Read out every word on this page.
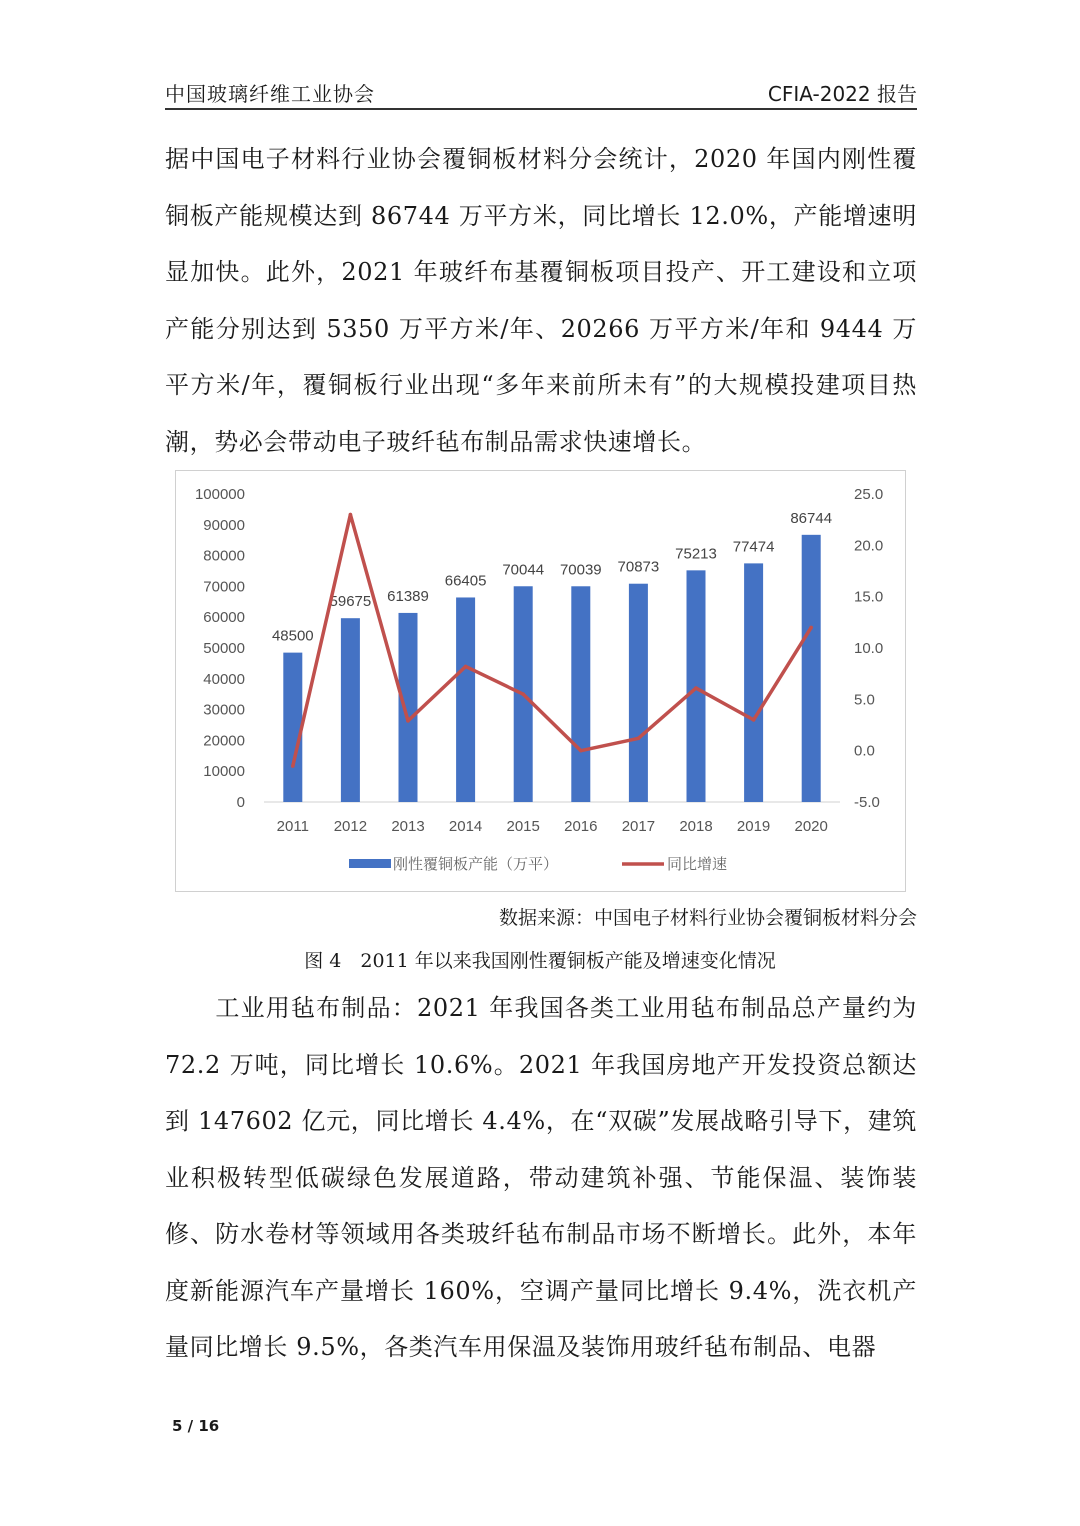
中国玻璃纤维工业协会	CFIA-2022 报告
据中国电子材料行业协会覆铜板材料分会统计，2020 年国内刚性覆铜板产能规模达到 86744 万平方米，同比增长 12.0%，产能增速明显加快。此外，2021 年玻纤布基覆铜板项目投产、开工建设和立项产能分别达到 5350 万平方米/年、20266 万平方米/年和 9444 万平方米/年，覆铜板行业出现“多年来前所未有”的大规模投建项目热潮，势必会带动电子玻纤毡布制品需求快速增长。
100000
90000
80000
70000
60000
50000
40000
30000
20000
10000
0
25.0
20.0
15.0
10.0
5.0
0.0
-5.0
48500
59675 61389
66405
70044 70039 70873
75213 77474
86744
2011 2012 2013 2014 2015 2016 2017 2018 2019 2020
刚性覆铜板产能（万平）	同比增速
数据来源：中国电子材料行业协会覆铜板材料分会
图 4　2011 年以来我国刚性覆铜板产能及增速变化情况
　　工业用毡布制品：2021 年我国各类工业用毡布制品总产量约为 72.2 万吨，同比增长 10.6%。2021 年我国房地产开发投资总额达到 147602 亿元，同比增长 4.4%，在“双碳”发展战略引导下，建筑业积极转型低碳绿色发展道路，带动建筑补强、节能保温、装饰装修、防水卷材等领域用各类玻纤毡布制品市场不断增长。此外，本年度新能源汽车产量增长 160%，空调产量同比增长 9.4%，洗衣机产量同比增长 9.5%，各类汽车用保温及装饰用玻纤毡布制品、电器
5 / 16
